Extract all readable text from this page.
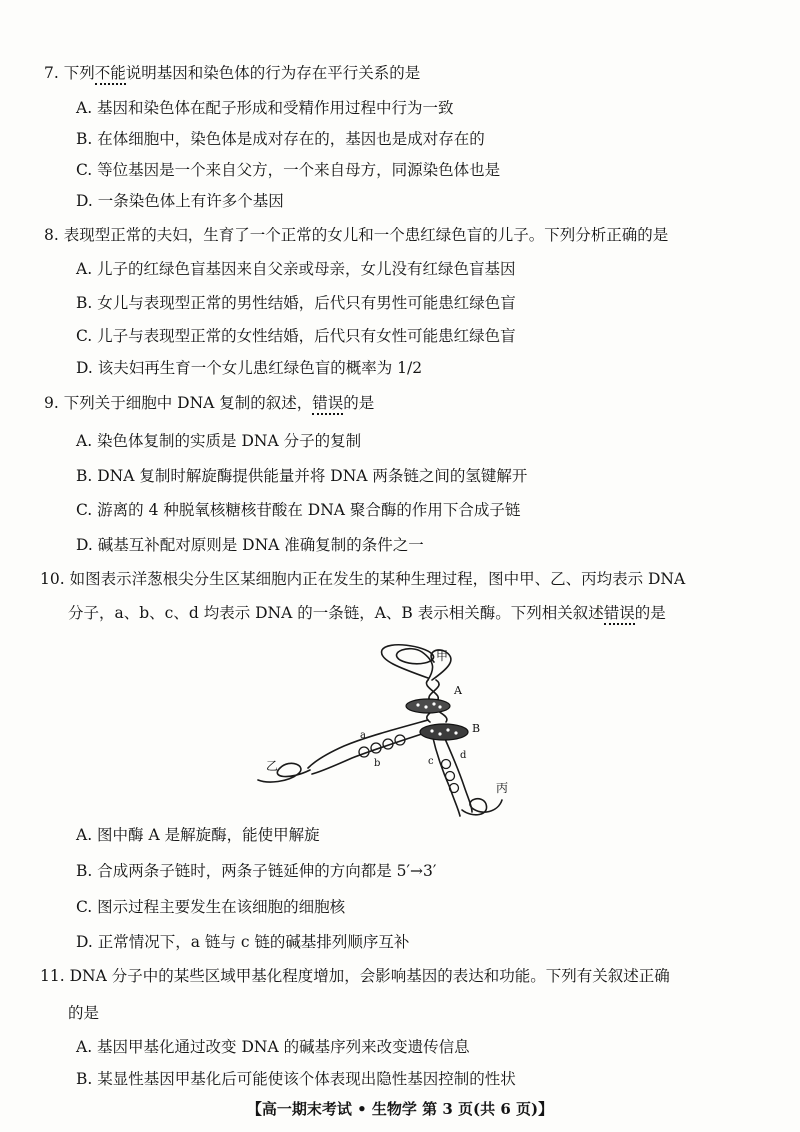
7. 下列不能说明基因和染色体的行为存在平行关系的是
A. 基因和染色体在配子形成和受精作用过程中行为一致
B. 在体细胞中，染色体是成对存在的，基因也是成对存在的
C. 等位基因是一个来自父方，一个来自母方，同源染色体也是
D. 一条染色体上有许多个基因
8. 表现型正常的夫妇，生育了一个正常的女儿和一个患红绿色盲的儿子。下列分析正确的是
A. 儿子的红绿色盲基因来自父亲或母亲，女儿没有红绿色盲基因
B. 女儿与表现型正常的男性结婚，后代只有男性可能患红绿色盲
C. 儿子与表现型正常的女性结婚，后代只有女性可能患红绿色盲
D. 该夫妇再生育一个女儿患红绿色盲的概率为 1/2
9. 下列关于细胞中 DNA 复制的叙述，错误的是
A. 染色体复制的实质是 DNA 分子的复制
B. DNA 复制时解旋酶提供能量并将 DNA 两条链之间的氢键解开
C. 游离的 4 种脱氧核糖核苷酸在 DNA 聚合酶的作用下合成子链
D. 碱基互补配对原则是 DNA 准确复制的条件之一
10. 如图表示洋葱根尖分生区某细胞内正在发生的某种生理过程，图中甲、乙、丙均表示 DNA
分子，a、b、c、d 均表示 DNA 的一条链，A、B 表示相关酶。下列相关叙述错误的是
甲
A
B
乙
丙
a
b	c
d
A. 图中酶 A 是解旋酶，能使甲解旋
B. 合成两条子链时，两条子链延伸的方向都是 5′→3′
C. 图示过程主要发生在该细胞的细胞核
D. 正常情况下，a 链与 c 链的碱基排列顺序互补
11. DNA 分子中的某些区域甲基化程度增加，会影响基因的表达和功能。下列有关叙述正确
的是
A. 基因甲基化通过改变 DNA 的碱基序列来改变遗传信息
B. 某显性基因甲基化后可能使该个体表现出隐性基因控制的性状
【高一期末考试 • 生物学 第 3 页(共 6 页)】
